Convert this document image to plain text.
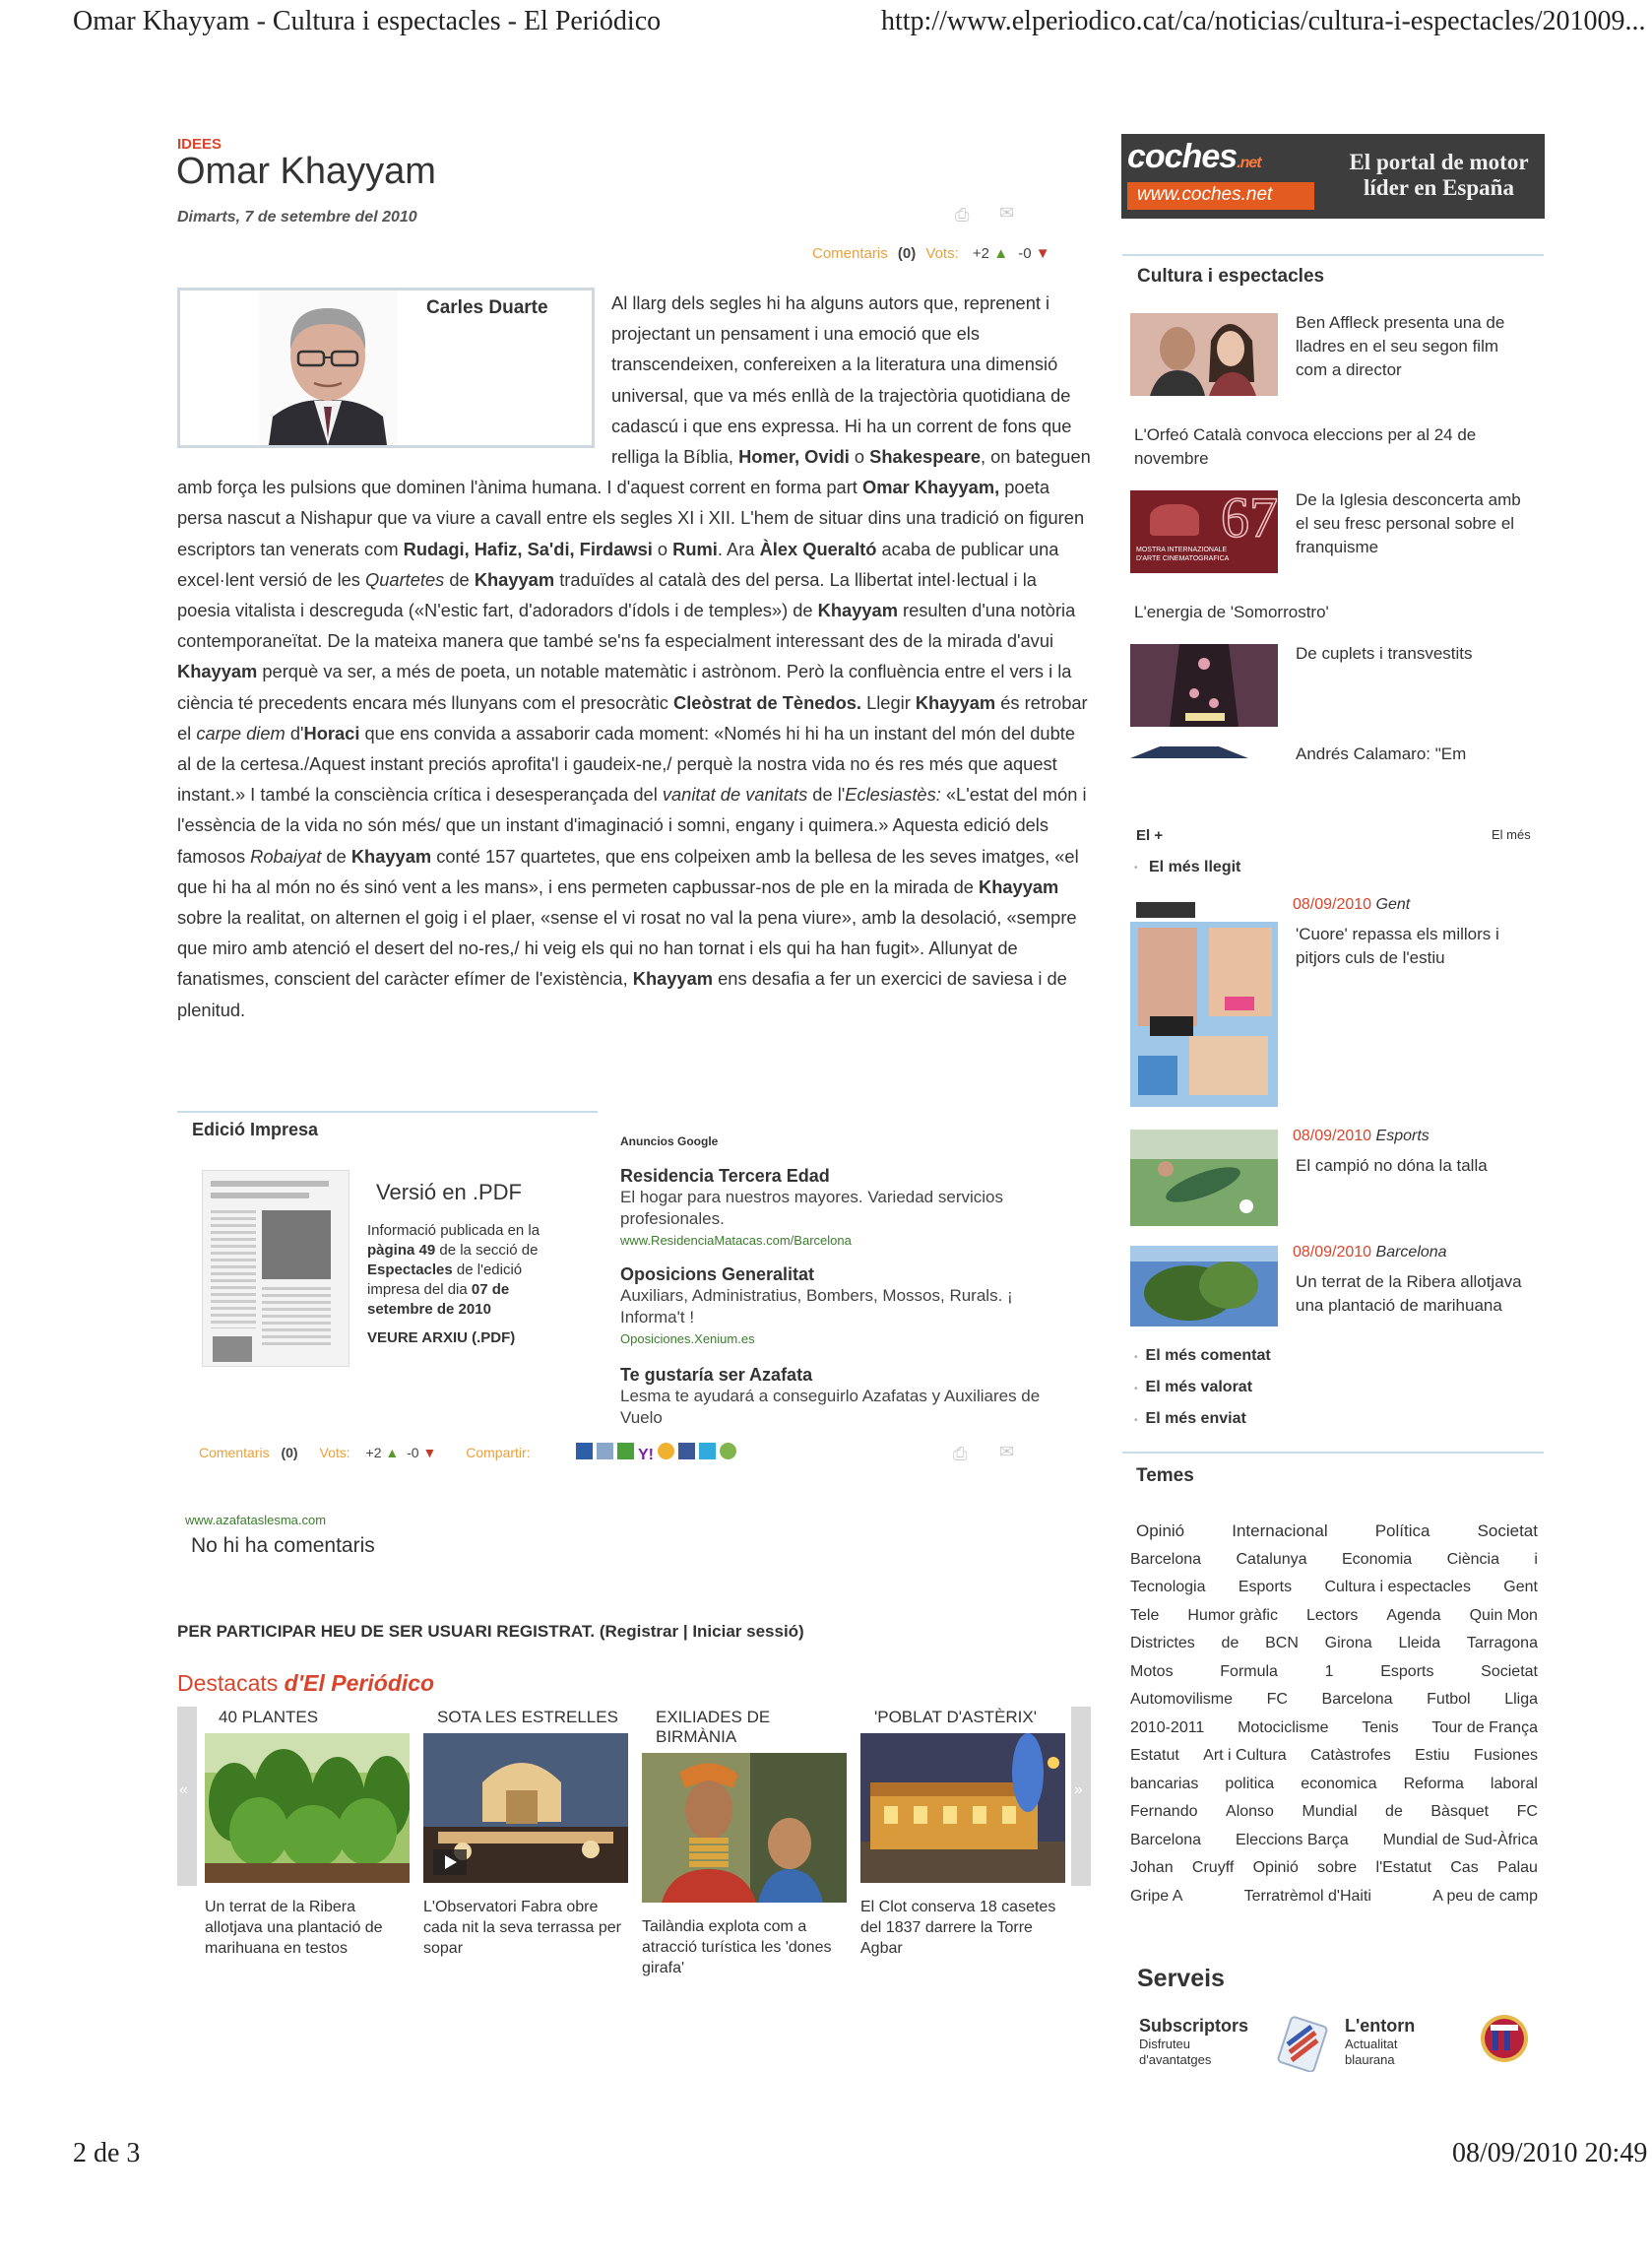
Omar Khayyam - Cultura i espectacles - El Periódico	http://www.elperiodico.cat/ca/noticias/cultura-i-espectacles/201009...
IDEES
Omar Khayyam
Dimarts, 7 de setembre del 2010
Comentaris (0) Vots: +2 ▲ -0 ▼
⎙ ✉
Carles Duarte	Al llarg dels segles hi ha alguns autors que, reprenent i projectant un pensament i una emoció que els transcendeixen, confereixen a la literatura una dimensió universal, que va més enllà de la trajectòria quotidiana de cadascú i que ens expressa. Hi ha un corrent de fons que relliga la Bíblia, Homer, Ovidi o Shakespeare, on bateguen amb força les pulsions que dominen l'ànima humana. I d'aquest corrent en forma part Omar Khayyam, poeta persa nascut a Nishapur que va viure a cavall entre els segles XI i XII. L'hem de situar dins una tradició on figuren escriptors tan venerats com Rudagi, Hafiz, Sa'di, Firdawsi o Rumi. Ara Àlex Queraltó acaba de publicar una excel·lent versió de les Quartetes de Khayyam traduïdes al català des del persa. La llibertat intel·lectual i la poesia vitalista i descreguda («N'estic fart, d'adoradors d'ídols i de temples») de Khayyam resulten d'una notòria contemporaneïtat. De la mateixa manera que també se'ns fa especialment interessant des de la mirada d'avui Khayyam perquè va ser, a més de poeta, un notable matemàtic i astrònom. Però la confluència entre el vers i la ciència té precedents encara més llunyans com el presocràtic Cleòstrat de Tènedos. Llegir Khayyam és retrobar el carpe diem d'Horaci que ens convida a assaborir cada moment: «Només hi hi ha un instant del món del dubte al de la certesa./Aquest instant preciós aprofita'l i gaudeix-ne,/ perquè la nostra vida no és res més que aquest instant.» I també la consciència crítica i desesperançada del vanitat de vanitats de l'Eclesiastès: «L'estat del món i l'essència de la vida no són més/ que un instant d'imaginació i somni, engany i quimera.» Aquesta edició dels famosos Robaiyat de Khayyam conté 157 quartetes, que ens colpeixen amb la bellesa de les seves imatges, «el que hi ha al món no és sinó vent a les mans», i ens permeten capbussar-nos de ple en la mirada de Khayyam sobre la realitat, on alternen el goig i el plaer, «sense el vi rosat no val la pena viure», amb la desolació, «sempre que miro amb atenció el desert del no-res,/ hi veig els qui no han tornat i els qui ha han fugit». Allunyat de fanatismes, conscient del caràcter efímer de l'existència, Khayyam ens desafia a fer un exercici de saviesa i de plenitud.
Edició Impresa
Versió en .PDF
Informació publicada en la pàgina 49 de la secció de Espectacles de l'edició impresa del dia 07 de setembre de 2010
VEURE ARXIU (.PDF)
Anuncios Google
Residencia Tercera Edad
El hogar para nuestros mayores. Variedad servicios profesionales.
www.ResidenciaMatacas.com/Barcelona
Oposicions Generalitat
Auxiliars, Administratius, Bombers, Mossos, Rurals. ¡ Informa't !
Oposiciones.Xenium.es
Te gustaría ser Azafata
Lesma te ayudará a conseguirlo Azafatas y Auxiliares de Vuelo
Comentaris (0) Vots: +2 ▲ -0 ▼ Compartir:	Y!	⎙ ✉
www.azafataslesma.com
No hi ha comentaris
PER PARTICIPAR HEU DE SER USUARI REGISTRAT. (Registrar | Iniciar sessió)
Destacats d'El Periódico
«	»
40 PLANTES
Un terrat de la Ribera allotjava una plantació de marihuana en testos
SOTA LES ESTRELLES
L'Observatori Fabra obre cada nit la seva terrassa per sopar
EXILIADES DE BIRMÀNIA
Tailàndia explota com a atracció turística les 'dones girafa'
'POBLAT D'ASTÈRIX'
El Clot conserva 18 casetes del 1837 darrere la Torre Agbar
coches.net
www.coches.net
El portal de motor
líder en España
Cultura i espectacles
Ben Affleck presenta una de lladres en el seu segon film com a director
L'Orfeó Català convoca eleccions per al 24 de novembre
67
MOSTRA INTERNAZIONALE D'ARTE CINEMATOGRAFICA
De la Iglesia desconcerta amb el seu fresc personal sobre el franquisme
L'energia de 'Somorrostro'
De cuplets i transvestits
Andrés Calamaro: "Em
El +	El més
• El més llegit
08/09/2010 Gent
'Cuore' repassa els millors i pitjors culs de l'estiu
08/09/2010 Esports
El campió no dóna la talla
08/09/2010 Barcelona
Un terrat de la Ribera allotjava una plantació de marihuana
• El més comentat
• El més valorat
• El més enviat
Temes
Opinió	Internacional	Política	Societat
Barcelona Catalunya Economia Ciència i
Tecnologia Esports Cultura i espectacles Gent
Tele Humor gràfic Lectors Agenda Quin Mon
Districtes de BCN Girona Lleida Tarragona
Motos	Formula	1	Esports	Societat
Automovilisme FC Barcelona Futbol Lliga
2010-2011 Motociclisme Tenis Tour de França
Estatut Art i Cultura Catàstrofes Estiu Fusiones
bancarias politica economica Reforma laboral
Fernando Alonso Mundial de Bàsquet FC
Barcelona Eleccions Barça Mundial de Sud-Àfrica
Johan Cruyff Opinió sobre l'Estatut Cas Palau
Gripe A	Terratrèmol d'Haiti	A peu de camp
Serveis
Subscriptors
Disfruteu d'avantatges
L'entorn
Actualitat blaurana
2 de 3	08/09/2010 20:49
